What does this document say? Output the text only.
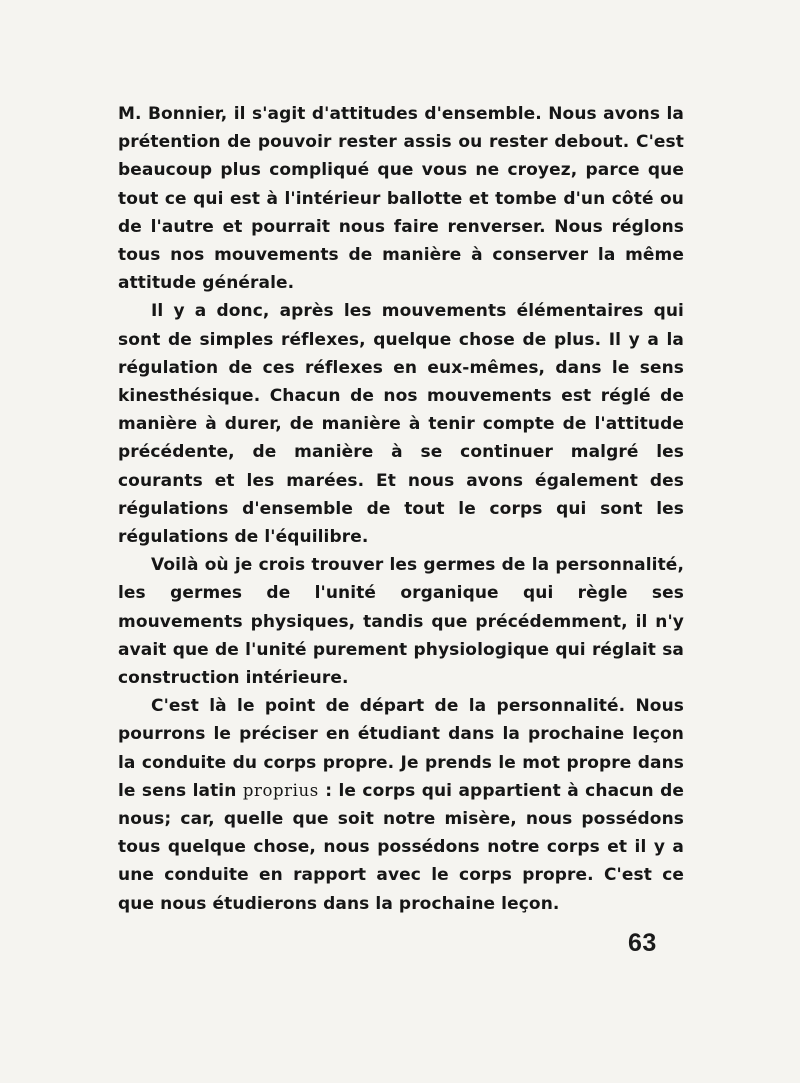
M. Bonnier, il s'agit d'attitudes d'ensemble. Nous avons la prétention de pouvoir rester assis ou rester debout. C'est beaucoup plus compliqué que vous ne croyez, parce que tout ce qui est à l'intérieur ballotte et tombe d'un côté ou de l'autre et pourrait nous faire renverser. Nous réglons tous nos mouvements de manière à conserver la même attitude générale.

Il y a donc, après les mouvements élémentaires qui sont de simples réflexes, quelque chose de plus. Il y a la régulation de ces réflexes en eux-mêmes, dans le sens kinesthésique. Chacun de nos mouvements est réglé de manière à durer, de manière à tenir compte de l'attitude précédente, de manière à se continuer malgré les courants et les marées. Et nous avons également des régulations d'ensemble de tout le corps qui sont les régulations de l'équilibre.

Voilà où je crois trouver les germes de la personnalité, les germes de l'unité organique qui règle ses mouvements physiques, tandis que précédemment, il n'y avait que de l'unité purement physiologique qui réglait sa construction intérieure.

C'est là le point de départ de la personnalité. Nous pourrons le préciser en étudiant dans la prochaine leçon la conduite du corps propre. Je prends le mot propre dans le sens latin proprius : le corps qui appartient à chacun de nous; car, quelle que soit notre misère, nous possédons tous quelque chose, nous possédons notre corps et il y a une conduite en rapport avec le corps propre. C'est ce que nous étudierons dans la prochaine leçon.

63
